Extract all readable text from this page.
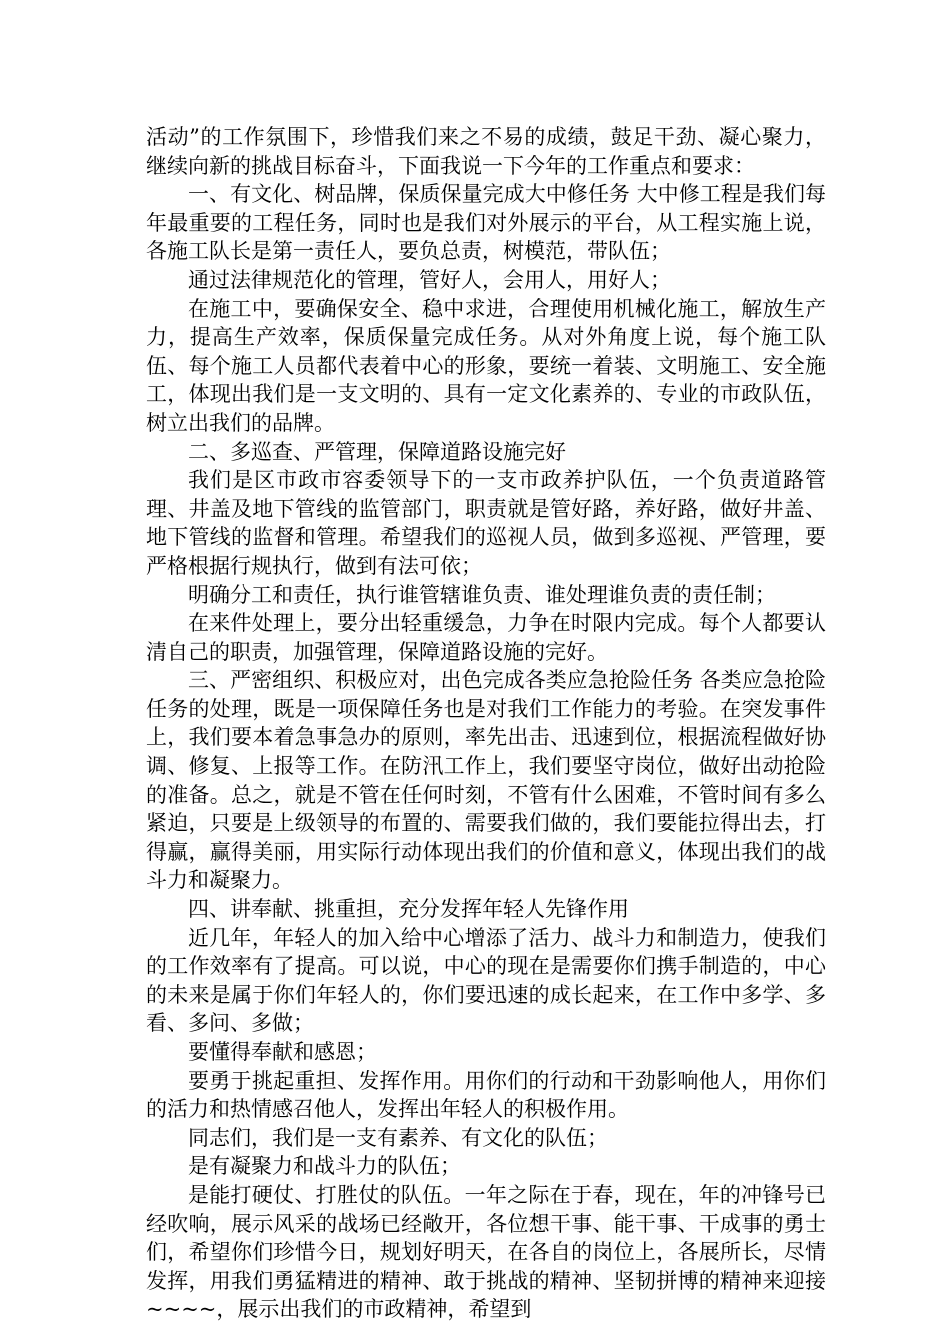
活动”的工作氛围下，珍惜我们来之不易的成绩，鼓足干劲、凝心聚力，继续向新的挑战目标奋斗，下面我说一下今年的工作重点和要求：

一、有文化、树品牌，保质保量完成大中修任务 大中修工程是我们每年最重要的工程任务，同时也是我们对外展示的平台，从工程实施上说，各施工队长是第一责任人，要负总责，树模范，带队伍；

通过法律规范化的管理，管好人，会用人，用好人；

在施工中，要确保安全、稳中求进，合理使用机械化施工，解放生产力，提高生产效率，保质保量完成任务。从对外角度上说，每个施工队伍、每个施工人员都代表着中心的形象，要统一着装、文明施工、安全施工，体现出我们是一支文明的、具有一定文化素养的、专业的市政队伍，树立出我们的品牌。

二、多巡查、严管理，保障道路设施完好

我们是区市政市容委领导下的一支市政养护队伍，一个负责道路管理、井盖及地下管线的监管部门，职责就是管好路，养好路，做好井盖、地下管线的监督和管理。希望我们的巡视人员，做到多巡视、严管理，要严格根据行规执行，做到有法可依；

明确分工和责任，执行谁管辖谁负责、谁处理谁负责的责任制；

在来件处理上，要分出轻重缓急，力争在时限内完成。每个人都要认清自己的职责，加强管理，保障道路设施的完好。

三、严密组织、积极应对，出色完成各类应急抢险任务 各类应急抢险任务的处理，既是一项保障任务也是对我们工作能力的考验。在突发事件上，我们要本着急事急办的原则，率先出击、迅速到位，根据流程做好协调、修复、上报等工作。在防汛工作上，我们要坚守岗位，做好出动抢险的准备。总之，就是不管在任何时刻，不管有什么困难，不管时间有多么紧迫，只要是上级领导的布置的、需要我们做的，我们要能拉得出去，打得赢，赢得美丽，用实际行动体现出我们的价值和意义，体现出我们的战斗力和凝聚力。

四、讲奉献、挑重担，充分发挥年轻人先锋作用

近几年，年轻人的加入给中心增添了活力、战斗力和制造力，使我们的工作效率有了提高。可以说，中心的现在是需要你们携手制造的，中心的未来是属于你们年轻人的，你们要迅速的成长起来，在工作中多学、多看、多问、多做；

要懂得奉献和感恩；

要勇于挑起重担、发挥作用。用你们的行动和干劲影响他人，用你们的活力和热情感召他人，发挥出年轻人的积极作用。

同志们，我们是一支有素养、有文化的队伍；

是有凝聚力和战斗力的队伍；

是能打硬仗、打胜仗的队伍。一年之际在于春，现在，年的冲锋号已经吹响，展示风采的战场已经敞开，各位想干事、能干事、干成事的勇士们，希望你们珍惜今日，规划好明天，在各自的岗位上，各展所长，尽情发挥，用我们勇猛精进的精神、敢于挑战的精神、坚韧拼博的精神来迎接~~~~，展示出我们的市政精神，希望到
